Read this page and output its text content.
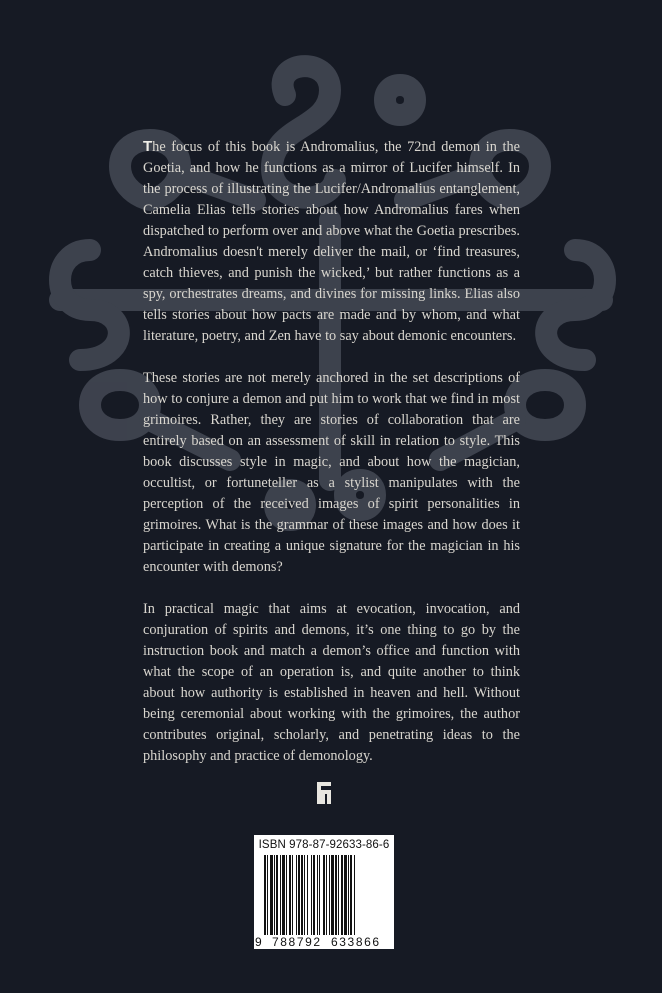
The focus of this book is Andromalius, the 72nd demon in the Goetia, and how he functions as a mirror of Lucifer himself. In the process of illustrating the Lucifer/Andromalius entanglement, Camelia Elias tells stories about how Andromalius fares when dispatched to perform over and above what the Goetia prescribes. Andromalius doesn't merely deliver the mail, or ‘find treasures, catch thieves, and punish the wicked,’ but rather functions as a spy, orchestrates dreams, and divines for missing links. Elias also tells stories about how pacts are made and by whom, and what literature, poetry, and Zen have to say about demonic encounters.

These stories are not merely anchored in the set descriptions of how to conjure a demon and put him to work that we find in most grimoires. Rather, they are stories of collaboration that are entirely based on an assessment of skill in relation to style. This book discusses style in magic, and about how the magician, occultist, or fortuneteller as a stylist manipulates with the perception of the received images of spirit personalities in grimoires. What is the grammar of these images and how does it participate in creating a unique signature for the magician in his encounter with demons?

In practical magic that aims at evocation, invocation, and conjuration of spirits and demons, it’s one thing to go by the instruction book and match a demon’s office and function with what the scope of an operation is, and quite another to think about how authority is established in heaven and hell. Without being ceremonial about working with the grimoires, the author contributes original, scholarly, and penetrating ideas to the philosophy and practice of demonology.

ISBN 978-87-92633-86-6
9 788792 633866
